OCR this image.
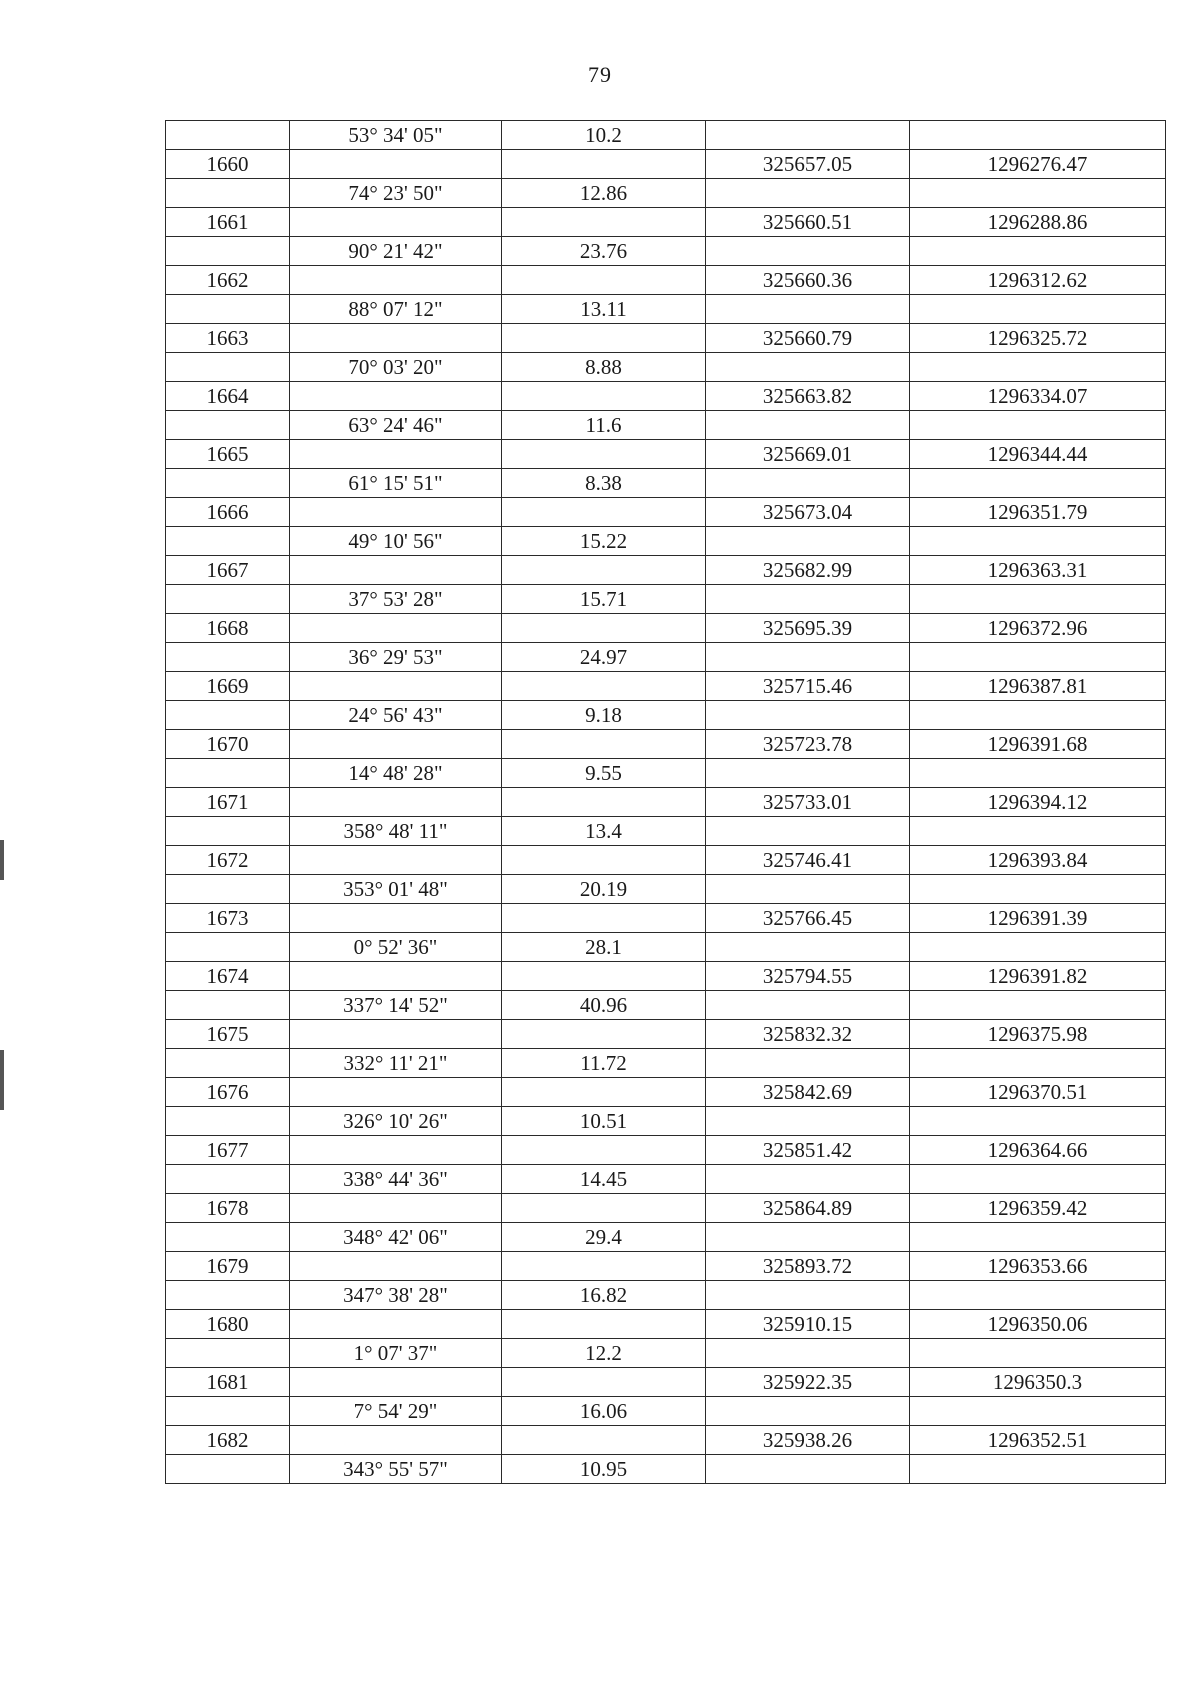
79
	53° 34' 05"	10.2		
1660			325657.05	1296276.47
	74° 23' 50"	12.86		
1661			325660.51	1296288.86
	90° 21' 42"	23.76		
1662			325660.36	1296312.62
	88° 07' 12"	13.11		
1663			325660.79	1296325.72
	70° 03' 20"	8.88		
1664			325663.82	1296334.07
	63° 24' 46"	11.6		
1665			325669.01	1296344.44
	61° 15' 51"	8.38		
1666			325673.04	1296351.79
	49° 10' 56"	15.22		
1667			325682.99	1296363.31
	37° 53' 28"	15.71		
1668			325695.39	1296372.96
	36° 29' 53"	24.97		
1669			325715.46	1296387.81
	24° 56' 43"	9.18		
1670			325723.78	1296391.68
	14° 48' 28"	9.55		
1671			325733.01	1296394.12
	358° 48' 11"	13.4		
1672			325746.41	1296393.84
	353° 01' 48"	20.19		
1673			325766.45	1296391.39
	0° 52' 36"	28.1		
1674			325794.55	1296391.82
	337° 14' 52"	40.96		
1675			325832.32	1296375.98
	332° 11' 21"	11.72		
1676			325842.69	1296370.51
	326° 10' 26"	10.51		
1677			325851.42	1296364.66
	338° 44' 36"	14.45		
1678			325864.89	1296359.42
	348° 42' 06"	29.4		
1679			325893.72	1296353.66
	347° 38' 28"	16.82		
1680			325910.15	1296350.06
	1° 07' 37"	12.2		
1681			325922.35	1296350.3
	7° 54' 29"	16.06		
1682			325938.26	1296352.51
	343° 55' 57"	10.95		
